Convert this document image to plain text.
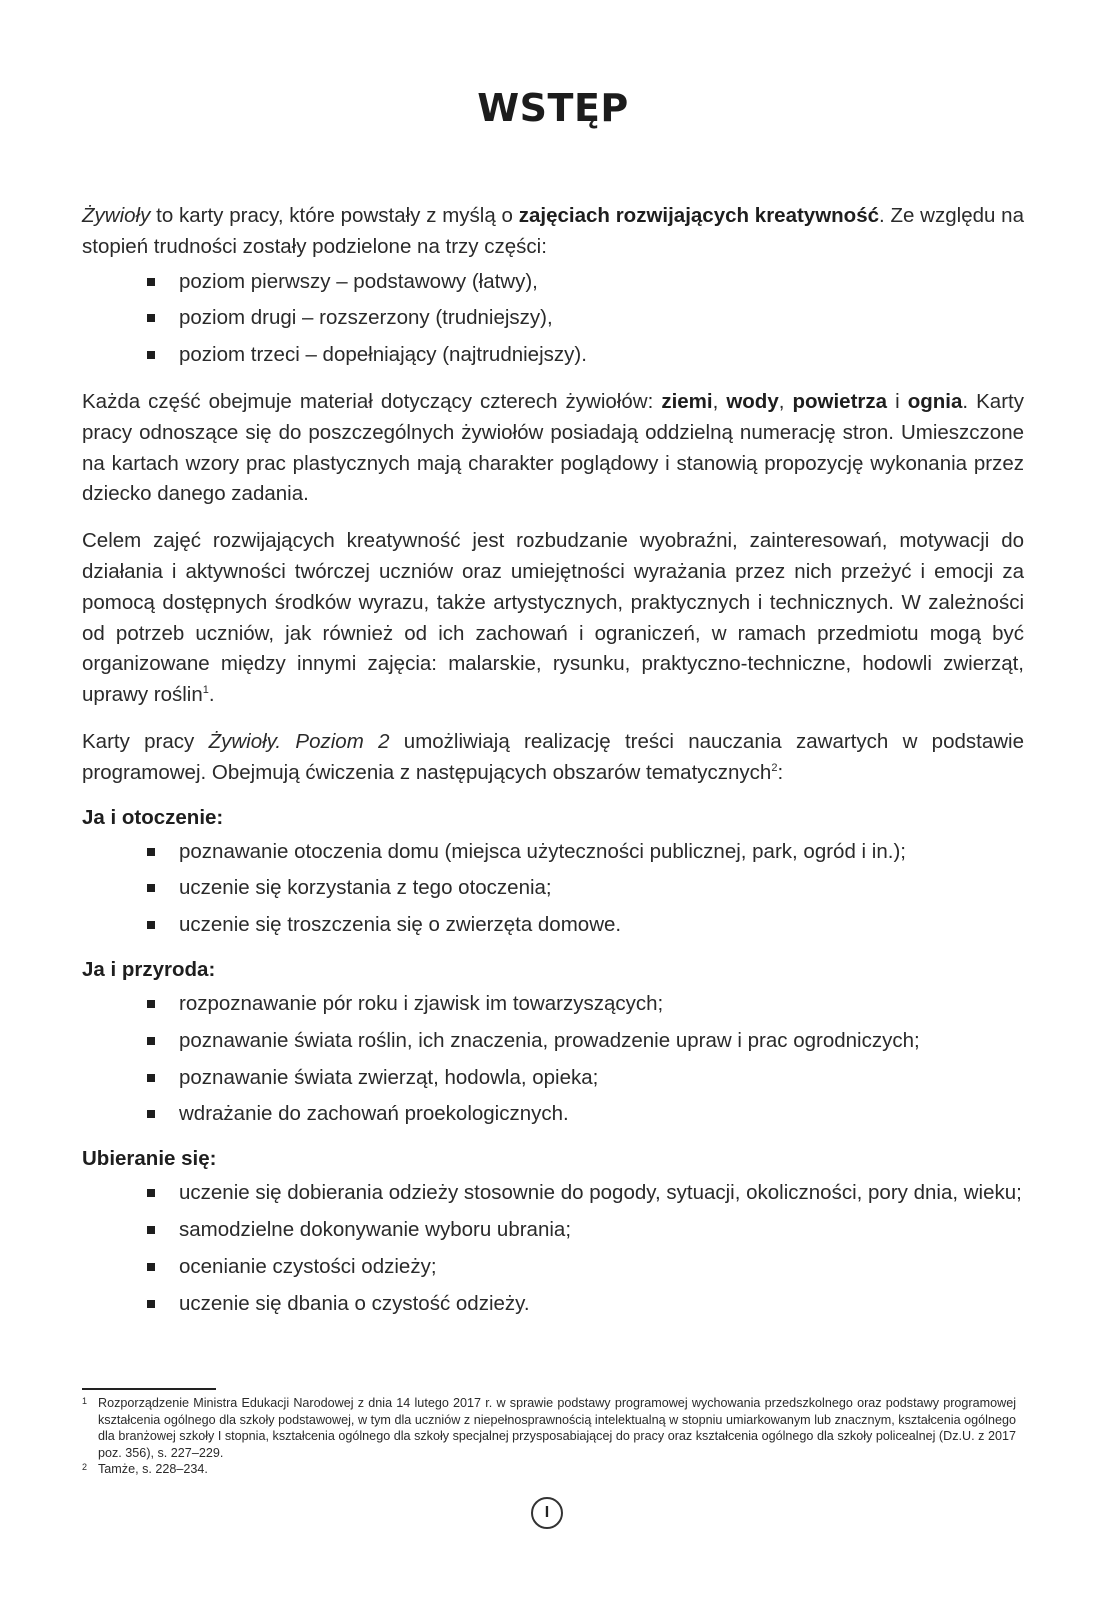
WSTĘP

Żywioły to karty pracy, które powstały z myślą o zajęciach rozwijających kreatywność. Ze względu na stopień trudności zostały podzielone na trzy części:

poziom pierwszy – podstawowy (łatwy),
poziom drugi – rozszerzony (trudniejszy),
poziom trzeci – dopełniający (najtrudniejszy).

Każda część obejmuje materiał dotyczący czterech żywiołów: ziemi, wody, powietrza i ognia. Karty pracy odnoszące się do poszczególnych żywiołów posiadają oddzielną numerację stron. Umieszczone na kartach wzory prac plastycznych mają charakter poglądowy i stanowią propozycję wykonania przez dziecko danego zadania.

Celem zajęć rozwijających kreatywność jest rozbudzanie wyobraźni, zainteresowań, motywacji do działania i aktywności twórczej uczniów oraz umiejętności wyrażania przez nich przeżyć i emocji za pomocą dostępnych środków wyrazu, także artystycznych, praktycznych i technicznych. W zależności od potrzeb uczniów, jak również od ich zachowań i ograniczeń, w ramach przedmiotu mogą być organizowane między innymi zajęcia: malarskie, rysunku, praktyczno-techniczne, hodowli zwierząt, uprawy roślin$^1$.

Karty pracy Żywioły. Poziom 2 umożliwiają realizację treści nauczania zawartych w podstawie programowej. Obejmują ćwiczenia z następujących obszarów tematycznych$^2$:

Ja i otoczenie:
poznawanie otoczenia domu (miejsca użyteczności publicznej, park, ogród i in.);
uczenie się korzystania z tego otoczenia;
uczenie się troszczenia się o zwierzęta domowe.
Ja i przyroda:
rozpoznawanie pór roku i zjawisk im towarzyszących;
poznawanie świata roślin, ich znaczenia, prowadzenie upraw i prac ogrodniczych;
poznawanie świata zwierząt, hodowla, opieka;
wdrażanie do zachowań proekologicznych.
Ubieranie się:
uczenie się dobierania odzieży stosownie do pogody, sytuacji, okoliczności, pory dnia, wieku;
samodzielne dokonywanie wyboru ubrania;
ocenianie czystości odzieży;
uczenie się dbania o czystość odzieży.
1 Rozporządzenie Ministra Edukacji Narodowej z dnia 14 lutego 2017 r. w sprawie podstawy programowej wychowania przedszkolnego oraz podstawy programowej kształcenia ogólnego dla szkoły podstawowej, w tym dla uczniów z niepełnosprawnością intelektualną w stopniu umiarkowanym lub znacznym, kształcenia ogólnego dla branżowej szkoły I stopnia, kształcenia ogólnego dla szkoły specjalnej przysposabiającej do pracy oraz kształcenia ogólnego dla szkoły policealnej (Dz.U. z 2017 poz. 356), s. 227–229.
2 Tamże, s. 228–234.
I
